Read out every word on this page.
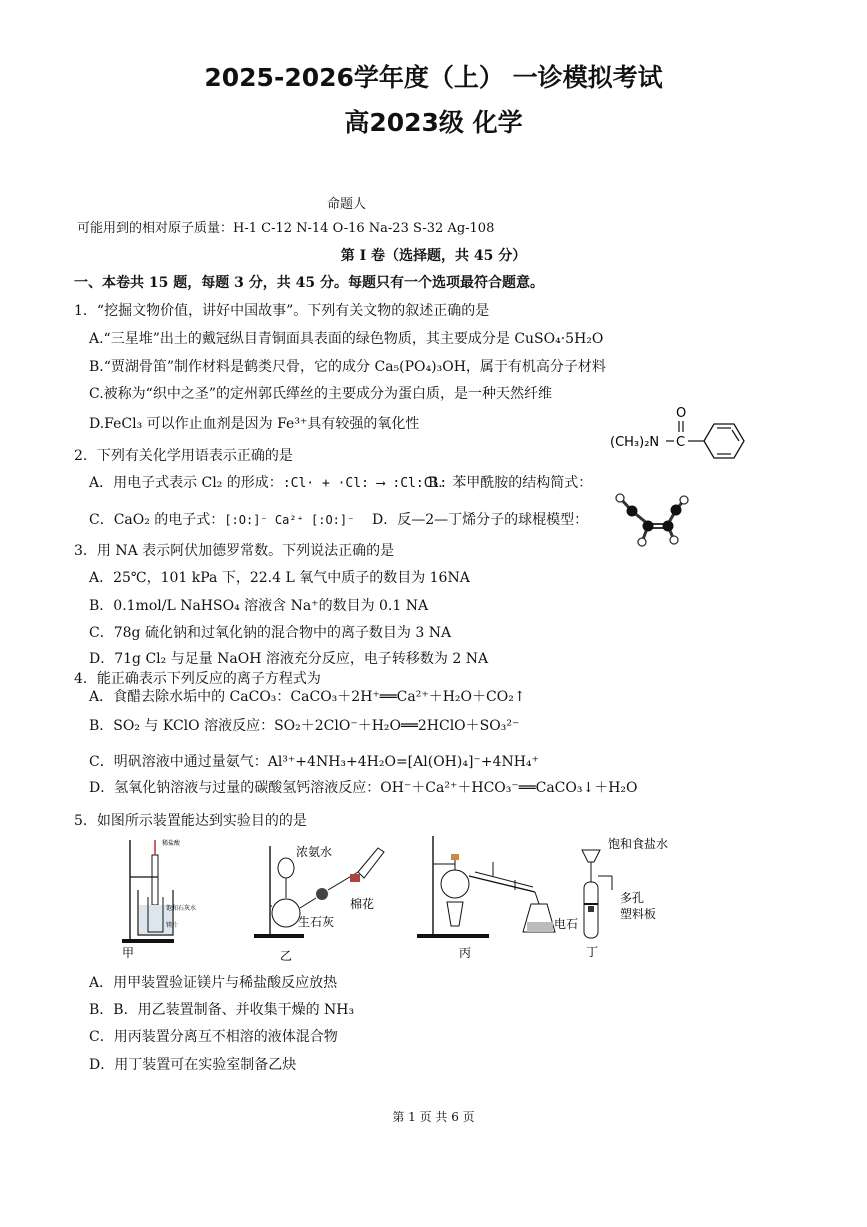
2025-2026学年度（上） 一诊模拟考试
高2023级 化学
命题人
可能用到的相对原子质量：H-1 C-12 N-14 O-16 Na-23 S-32 Ag-108
第 I 卷（选择题，共 45 分）
一、本卷共 15 题，每题 3 分，共 45 分。每题只有一个选项最符合题意。
1．“挖掘文物价值，讲好中国故事”。下列有关文物的叙述正确的是
A.“三星堆”出土的戴冠纵目青铜面具表面的绿色物质，其主要成分是 CuSO₄·5H₂O
B.“贾湖骨笛”制作材料是鹤类尺骨，它的成分 Ca₅(PO₄)₃OH，属于有机高分子材料
C.被称为“织中之圣”的定州郭氏缂丝的主要成分为蛋白质，是一种天然纤维
D.FeCl₃ 可以作止血剂是因为 Fe³⁺具有较强的氧化性
O
(CH₃)₂N C
2．下列有关化学用语表示正确的是
A．用电子式表示 Cl₂ 的形成：:Cl· + ·Cl: ⟶ :Cl:Cl:
B．苯甲酰胺的结构简式：
C．CaO₂ 的电子式：[:O:]⁻ Ca²⁺ [:O:]⁻ D．反—2—丁烯分子的球棍模型：
3．用 NA 表示阿伏加德罗常数。下列说法正确的是
A．25℃，101 kPa 下，22.4 L 氧气中质子的数目为 16NA
B．0.1mol/L NaHSO₄ 溶液含 Na⁺的数目为 0.1 NA
C．78g 硫化钠和过氧化钠的混合物中的离子数目为 3 NA
D．71g Cl₂ 与足量 NaOH 溶液充分反应，电子转移数为 2 NA
4．能正确表示下列反应的离子方程式为
A．食醋去除水垢中的 CaCO₃：CaCO₃＋2H⁺══Ca²⁺＋H₂O＋CO₂↑
B．SO₂ 与 KClO 溶液反应：SO₂＋2ClO⁻＋H₂O══2HClO＋SO₃²⁻
C．明矾溶液中通过量氨气：Al³⁺+4NH₃+4H₂O=[Al(OH)₄]⁻+4NH₄⁺
D．氢氧化钠溶液与过量的碳酸氢钙溶液反应：OH⁻＋Ca²⁺＋HCO₃⁻══CaCO₃↓＋H₂O
5．如图所示装置能达到实验目的的是
稀盐酸
饱和石灰水
镁片
甲
浓氨水
棉花
生石灰
乙	丙
饱和食盐水
多孔
塑料板
电石
丁
A．用甲装置验证镁片与稀盐酸反应放热
B．B．用乙装置制备、并收集干燥的 NH₃
C．用丙装置分离互不相溶的液体混合物
D．用丁装置可在实验室制备乙炔
第 1 页 共 6 页
